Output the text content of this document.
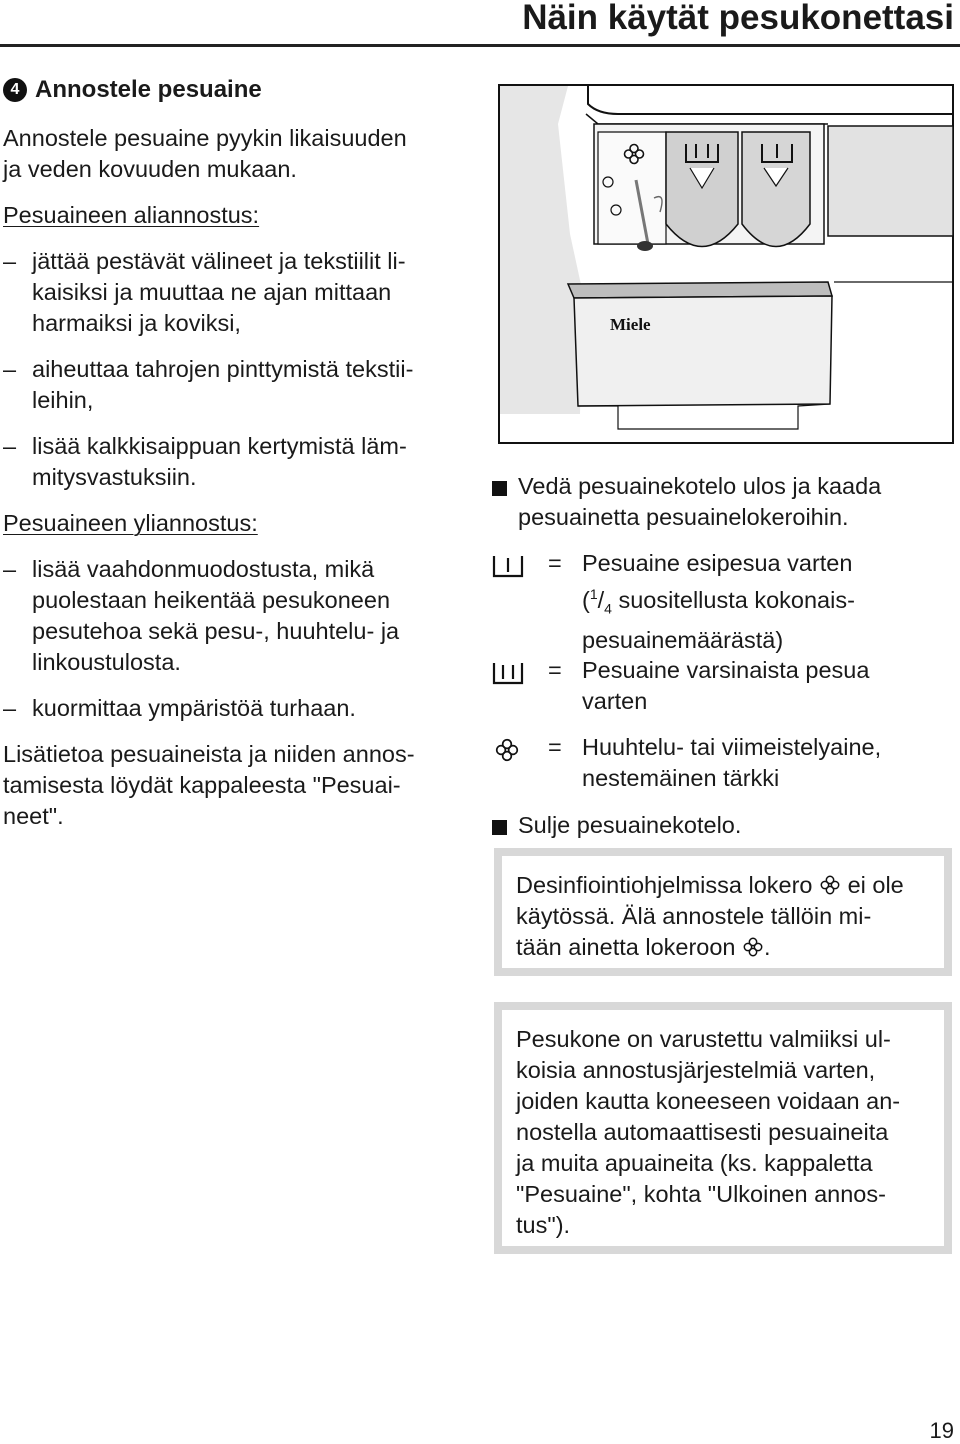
Näin käytät pesukonettasi
4 Annostele pesuaine
Annostele pesuaine pyykin likaisuuden
ja veden kovuuden mukaan.
Pesuaineen aliannostus:
– jättää pestävät välineet ja tekstiilit li-
kaisiksi ja muuttaa ne ajan mittaan
harmaiksi ja koviksi,
– aiheuttaa tahrojen pinttymistä tekstii-
leihin,
– lisää kalkkisaippuan kertymistä läm-
mitysvastuksiin.
Pesuaineen yliannostus:
– lisää vaahdonmuodostusta, mikä
puolestaan heikentää pesukoneen
pesutehoa sekä pesu-, huuhtelu- ja
linkoustulosta.
– kuormittaa ympäristöä turhaan.
Lisätietoa pesuaineista ja niiden annos-
tamisesta löydät kappaleesta "Pesuai-
neet".
Miele
Vedä pesuainekotelo ulos ja kaada
pesuainetta pesuainelokeroihin.
= Pesuaine esipesua varten
($^1/_4$ suositellusta kokonais-
pesuainemäärästä)
= Pesuaine varsinaista pesua
varten
= Huuhtelu- tai viimeistelyaine,
nestemäinen tärkki
Sulje pesuainekotelo.
Desinfiointiohjelmissa lokero ei ole
käytössä. Älä annostele tällöin mi-
tään ainetta lokeroon .
Pesukone on varustettu valmiiksi ul-
koisia annostusjärjestelmiä varten,
joiden kautta koneeseen voidaan an-
nostella automaattisesti pesuaineita
ja muita apuaineita (ks. kappaletta
"Pesuaine", kohta "Ulkoinen annos-
tus").
19
